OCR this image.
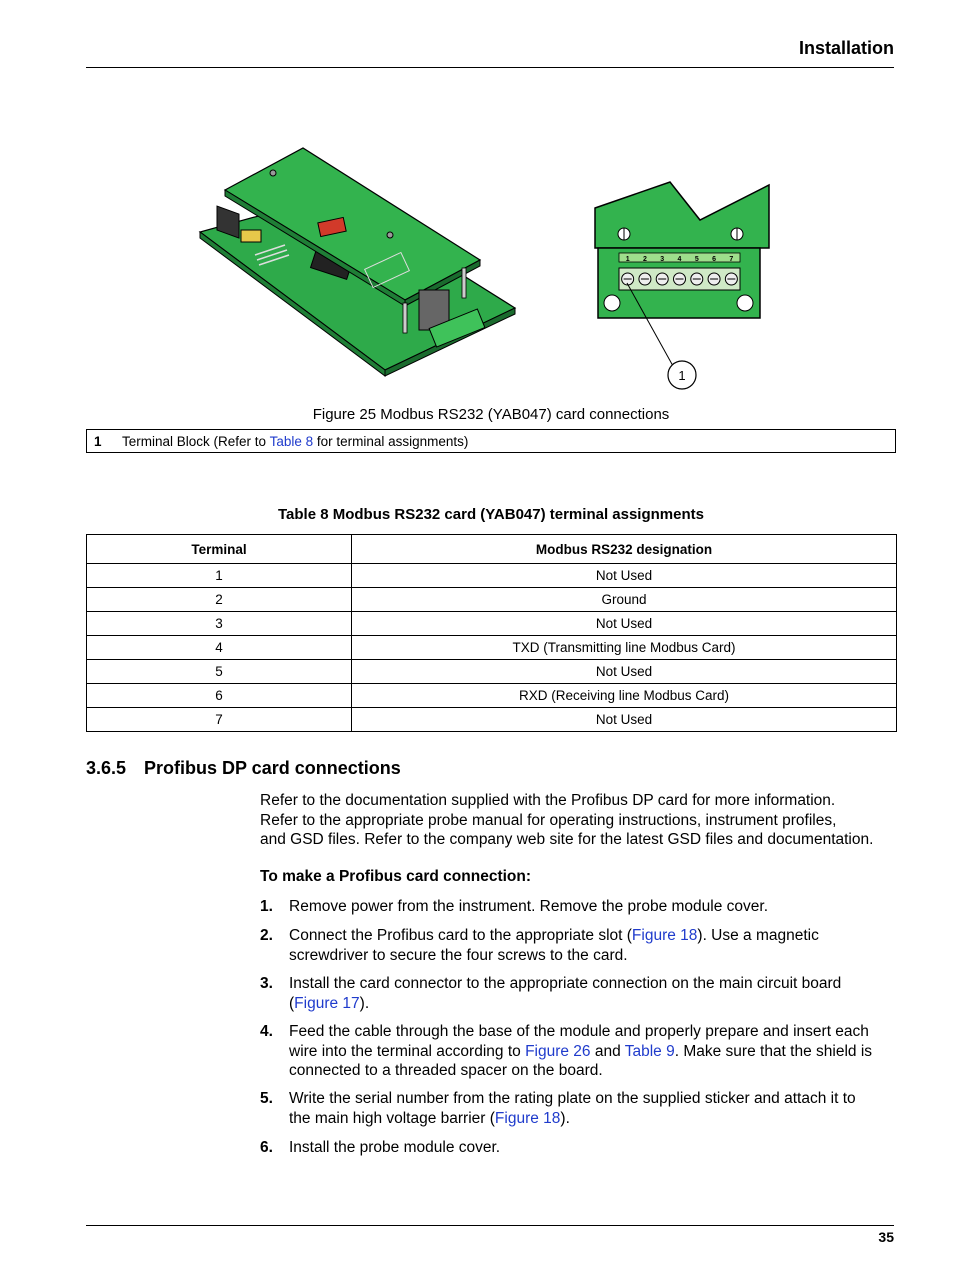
Installation
1 2 3 4 5 6 7
1
Figure 25 Modbus RS232 (YAB047) card connections
1 Terminal Block (Refer to Table 8 for terminal assignments)
Table 8 Modbus RS232 card (YAB047) terminal assignments
Terminal	Modbus RS232 designation
1	Not Used
2	Ground
3	Not Used
4	TXD (Transmitting line Modbus Card)
5	Not Used
6	RXD (Receiving line Modbus Card)
7	Not Used
3.6.5 Profibus DP card connections
Refer to the documentation supplied with the Profibus DP card for more information.
Refer to the appropriate probe manual for operating instructions, instrument profiles,
and GSD files. Refer to the company web site for the latest GSD files and documentation.
To make a Profibus card connection:
1. Remove power from the instrument. Remove the probe module cover.
2. Connect the Profibus card to the appropriate slot (Figure 18). Use a magnetic
screwdriver to secure the four screws to the card.
3. Install the card connector to the appropriate connection on the main circuit board
(Figure 17).
4. Feed the cable through the base of the module and properly prepare and insert each
wire into the terminal according to Figure 26 and Table 9. Make sure that the shield is
connected to a threaded spacer on the board.
5. Write the serial number from the rating plate on the supplied sticker and attach it to
the main high voltage barrier (Figure 18).
6. Install the probe module cover.
35
